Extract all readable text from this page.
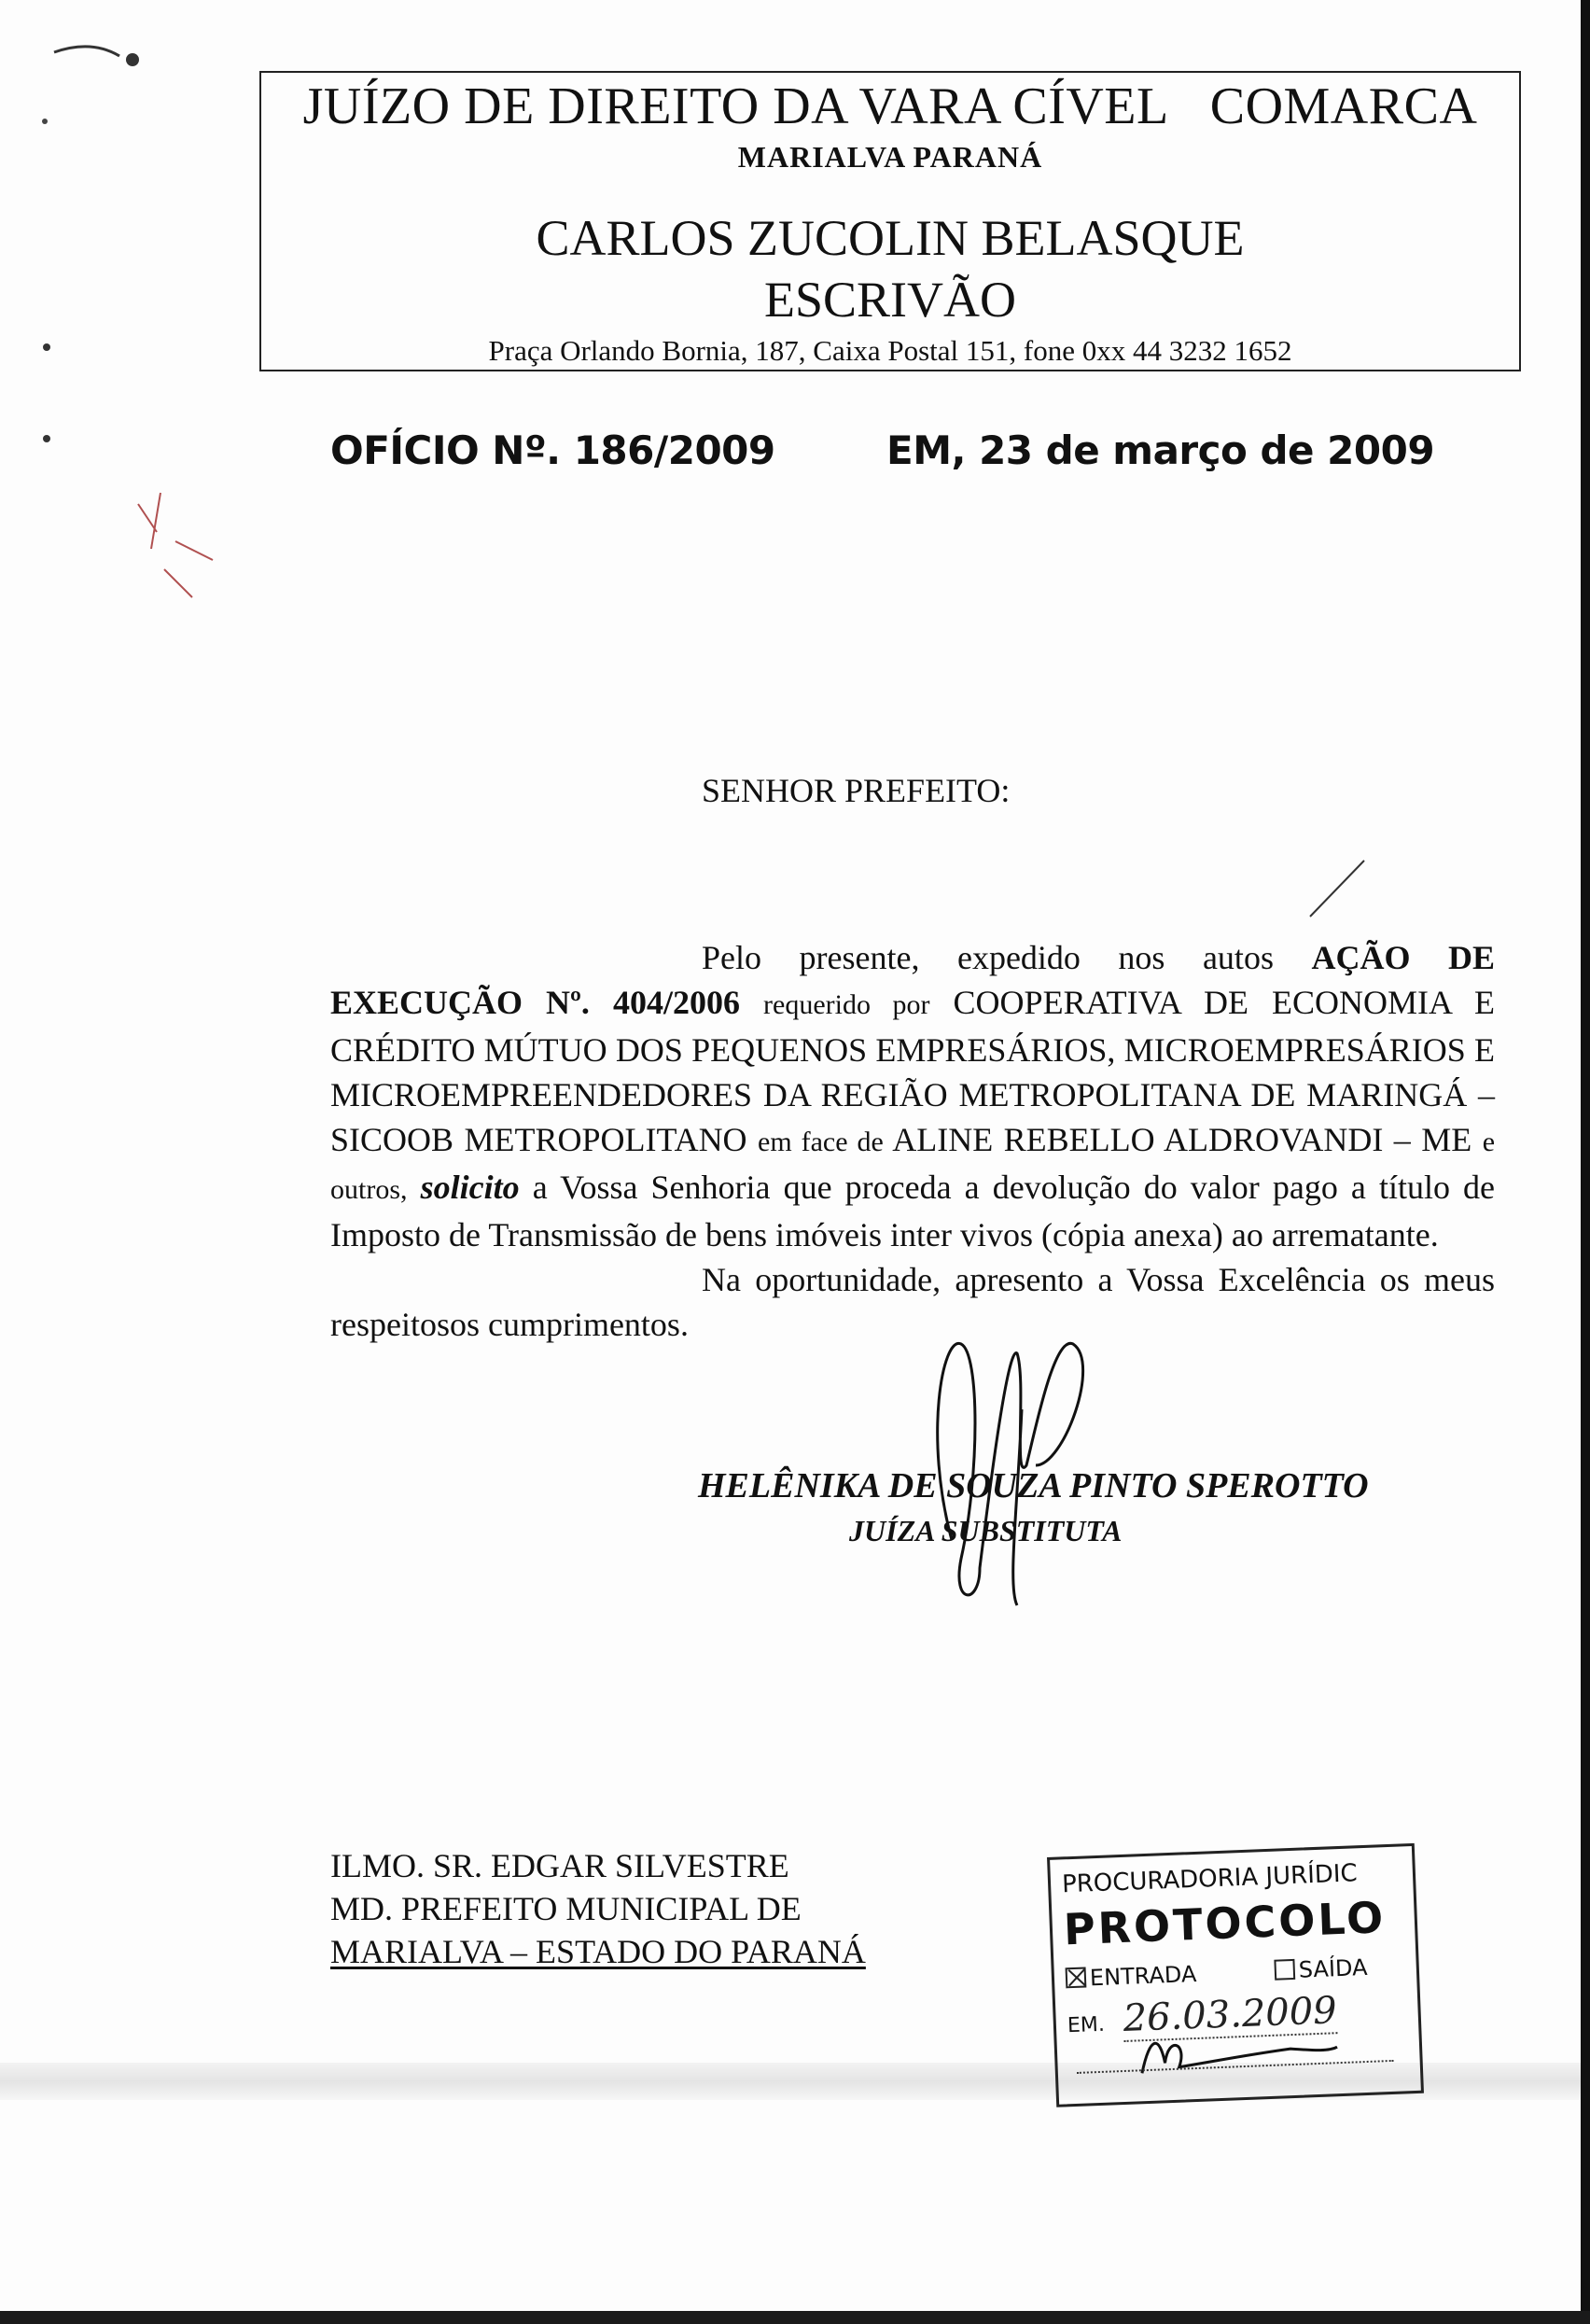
JUÍZO DE DIREITO DA VARA CÍVEL COMARCA
MARIALVA PARANÁ
CARLOS ZUCOLIN BELASQUE
ESCRIVÃO
Praça Orlando Bornia, 187, Caixa Postal 151, fone 0xx 44 3232 1652
OFÍCIO Nº. 186/2009	EM, 23 de março de 2009
SENHOR PREFEITO:

Pelo presente, expedido nos autos AÇÃO DE EXECUÇÃO Nº. 404/2006 requerido por COOPERATIVA DE ECONOMIA E CRÉDITO MÚTUO DOS PEQUENOS EMPRESÁRIOS, MICROEMPRESÁRIOS E MICROEMPREENDEDORES DA REGIÃO METROPOLITANA DE MARINGÁ – SICOOB METROPOLITANO em face de ALINE REBELLO ALDROVANDI – ME e outros, solicito a Vossa Senhoria que proceda a devolução do valor pago a título de Imposto de Transmissão de bens imóveis inter vivos (cópia anexa) ao arrematante.

Na oportunidade, apresento a Vossa Excelência os meus respeitosos cumprimentos.

HELÊNIKA DE SOUZA PINTO SPEROTTO
JUÍZA SUBSTITUTA
ILMO. SR. EDGAR SILVESTRE
MD. PREFEITO MUNICIPAL DE
MARIALVA – ESTADO DO PARANÁ
PROCURADORIA JURÍDIC
PROTOCOLO
ENTRADA	SAÍDA
EM. 26.03.2009
